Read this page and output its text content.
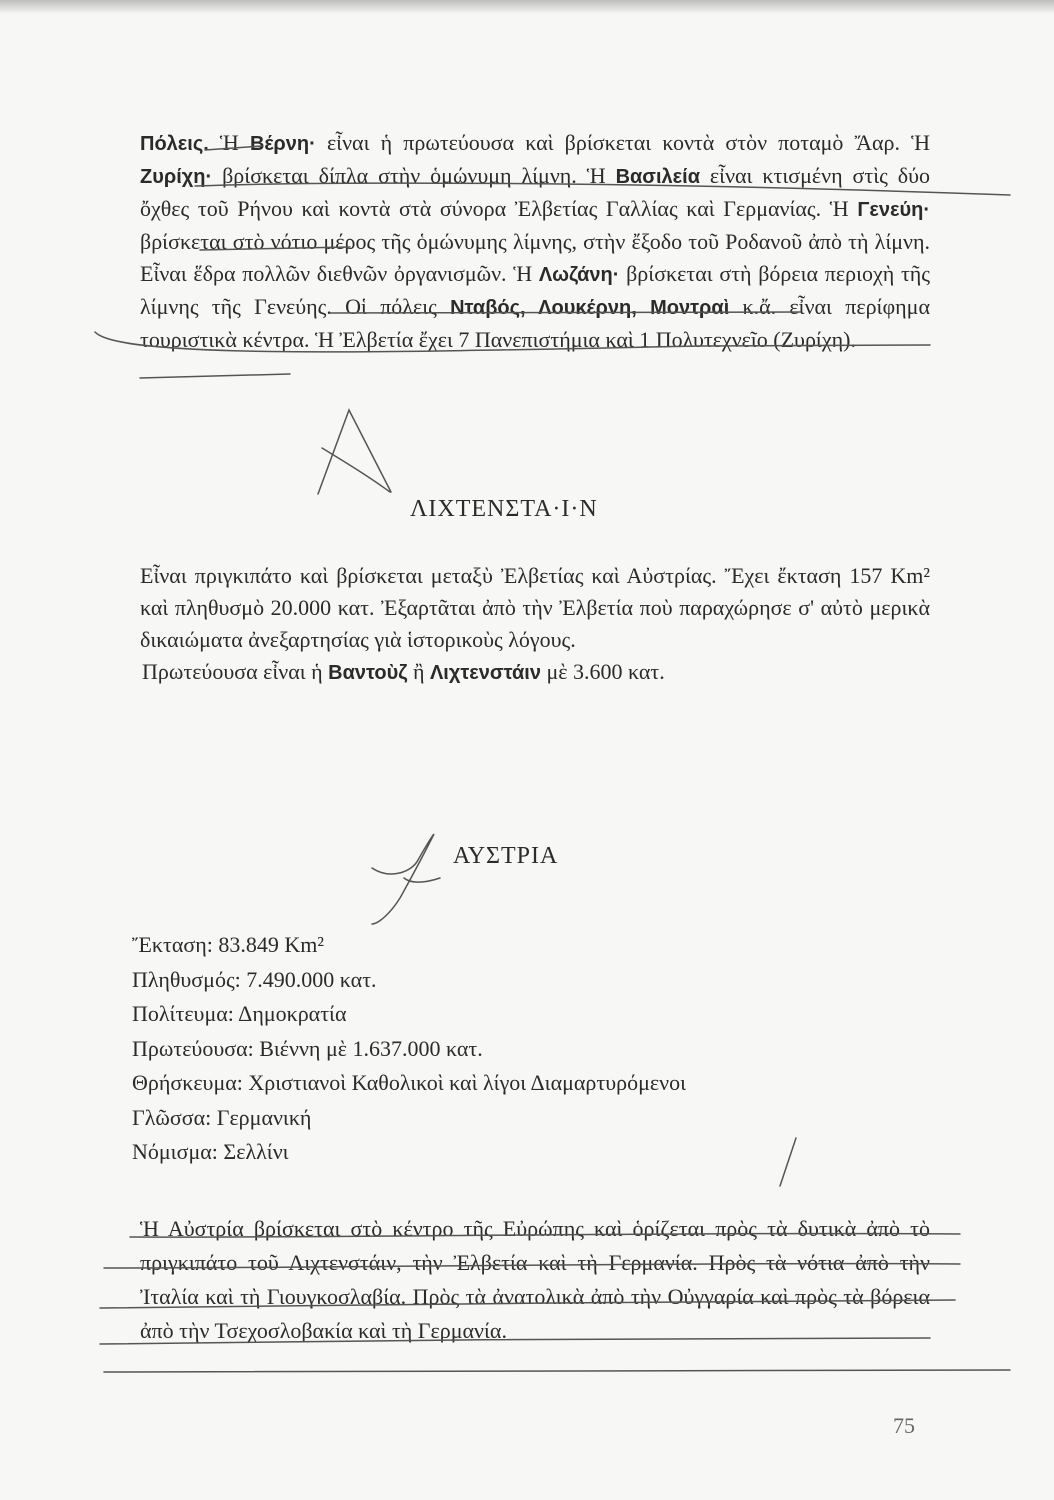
Πόλεις. Ἡ Βέρνη· εἶναι ἡ πρωτεύουσα καὶ βρίσκεται κοντὰ στὸν ποταμὸ Ἄαρ. Ἡ Ζυρίχη· βρίσκεται δίπλα στὴν ὁμώνυμη λίμνη. Ἡ Βασιλεία εἶναι κτισμένη στὶς δύο ὄχθες τοῦ Ρήνου καὶ κοντὰ στὰ σύνορα Ἐλβετίας Γαλλίας καὶ Γερμανίας. Ἡ Γενεύη· βρίσκεται στὸ νότιο μέρος τῆς ὁμώνυμης λίμνης, στὴν ἔξοδο τοῦ Ροδανοῦ ἀπὸ τὴ λίμνη. Εἶναι ἕδρα πολλῶν διεθνῶν ὀργανισμῶν. Ἡ Λωζάνη· βρίσκεται στὴ βόρεια περιοχὴ τῆς λίμνης τῆς Γενεύης. Οἱ πόλεις Νταβός, Λουκέρνη, Μοντραὶ κ.ἄ. εἶναι περίφημα τουριστικὰ κέντρα. Ἡ Ἐλβετία ἔχει 7 Πανεπιστήμια καὶ 1 Πολυτεχνεῖο (Ζυρίχη).

ΛΙΧΤΕΝΣΤΑ·Ι·Ν

Εἶναι πριγκιπάτο καὶ βρίσκεται μεταξὺ Ἐλβετίας καὶ Αὐστρίας. Ἔχει ἔκταση 157 Km² καὶ πληθυσμὸ 20.000 κατ. Ἐξαρτᾶται ἀπὸ τὴν Ἐλβετία ποὺ παραχώρησε σ' αὐτὸ μερικὰ δικαιώματα ἀνεξαρτησίας γιὰ ἱστορικοὺς λόγους.

Πρωτεύουσα εἶναι ἡ Βαντοὺζ ἢ Λιχτενστάιν μὲ 3.600 κατ.

ΑΥΣΤΡΙΑ
Ἔκταση: 83.849 Km²
Πληθυσμός: 7.490.000 κατ.
Πολίτευμα: Δημοκρατία
Πρωτεύουσα: Βιέννη μὲ 1.637.000 κατ.
Θρήσκευμα: Χριστιανοὶ Καθολικοὶ καὶ λίγοι Διαμαρτυρόμενοι
Γλῶσσα: Γερμανική
Νόμισμα: Σελλίνι

Ἡ Αὐστρία βρίσκεται στὸ κέντρο τῆς Εὐρώπης καὶ ὁρίζεται πρὸς τὰ δυτικὰ ἀπὸ τὸ πριγκιπάτο τοῦ Λιχτενστάιν, τὴν Ἐλβετία καὶ τὴ Γερμανία. Πρὸς τὰ νότια ἀπὸ τὴν Ἰταλία καὶ τὴ Γιουγκοσλαβία. Πρὸς τὰ ἀνατολικὰ ἀπὸ τὴν Οὐγγαρία καὶ πρὸς τὰ βόρεια ἀπὸ τὴν Τσεχοσλοβακία καὶ τὴ Γερμανία.

75
